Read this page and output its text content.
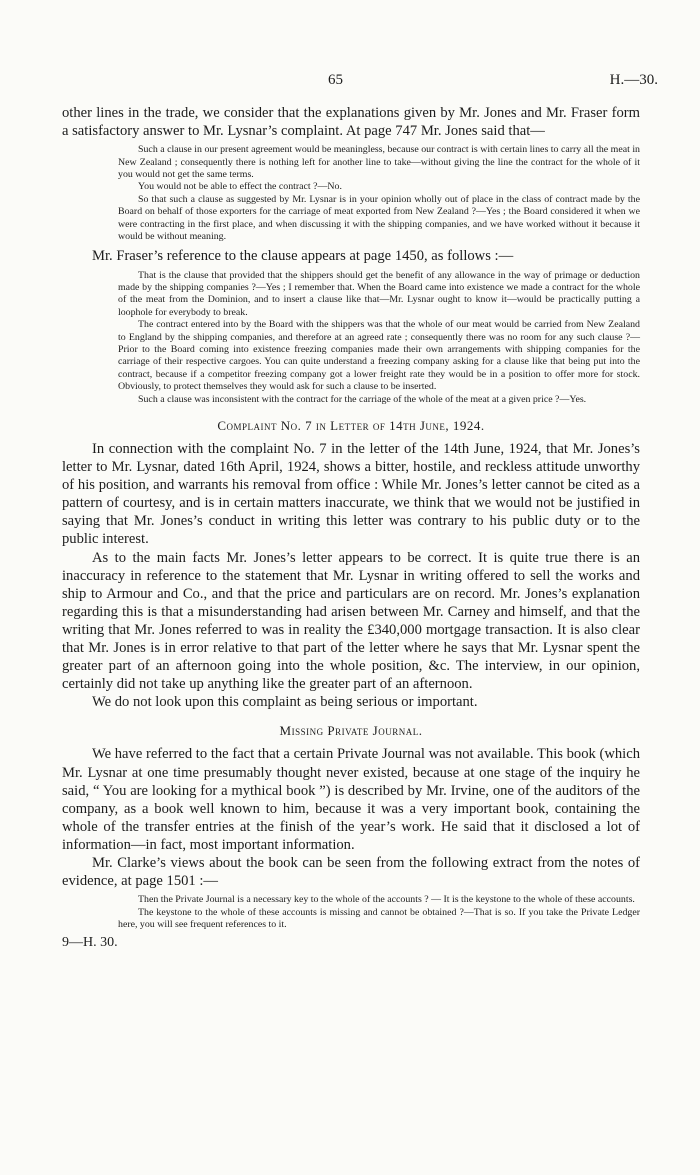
65	H.—30.

other lines in the trade, we consider that the explanations given by Mr. Jones and Mr. Fraser form a satisfactory answer to Mr. Lysnar’s complaint. At page 747 Mr. Jones said that—

Such a clause in our present agreement would be meaningless, because our contract is with certain lines to carry all the meat in New Zealand ; consequently there is nothing left for another line to take—without giving the line the contract for the whole of it you would not get the same terms.

You would not be able to effect the contract ?—No.

So that such a clause as suggested by Mr. Lysnar is in your opinion wholly out of place in the class of contract made by the Board on behalf of those exporters for the carriage of meat exported from New Zealand ?—Yes ; the Board considered it when we were contracting in the first place, and when discussing it with the shipping companies, and we have worked without it because it would be without meaning.

Mr. Fraser’s reference to the clause appears at page 1450, as follows :—

That is the clause that provided that the shippers should get the benefit of any allowance in the way of primage or deduction made by the shipping companies ?—Yes ; I remember that. When the Board came into existence we made a contract for the whole of the meat from the Dominion, and to insert a clause like that—Mr. Lysnar ought to know it—would be practically putting a loophole for everybody to break.

The contract entered into by the Board with the shippers was that the whole of our meat would be carried from New Zealand to England by the shipping companies, and therefore at an agreed rate ; consequently there was no room for any such clause ?—Prior to the Board coming into existence freezing companies made their own arrangements with shipping companies for the carriage of their respective cargoes. You can quite understand a freezing company asking for a clause like that being put into the contract, because if a competitor freezing company got a lower freight rate they would be in a position to offer more for stock. Obviously, to protect themselves they would ask for such a clause to be inserted.

Such a clause was inconsistent with the contract for the carriage of the whole of the meat at a given price ?—Yes.

Complaint No. 7 in Letter of 14th June, 1924.

In connection with the complaint No. 7 in the letter of the 14th June, 1924, that Mr. Jones’s letter to Mr. Lysnar, dated 16th April, 1924, shows a bitter, hostile, and reckless attitude unworthy of his position, and warrants his removal from office : While Mr. Jones’s letter cannot be cited as a pattern of courtesy, and is in certain matters inaccurate, we think that we would not be justified in saying that Mr. Jones’s conduct in writing this letter was contrary to his public duty or to the public interest.

As to the main facts Mr. Jones’s letter appears to be correct. It is quite true there is an inaccuracy in reference to the statement that Mr. Lysnar in writing offered to sell the works and ship to Armour and Co., and that the price and particulars are on record. Mr. Jones’s explanation regarding this is that a misunderstanding had arisen between Mr. Carney and himself, and that the writing that Mr. Jones referred to was in reality the £340,000 mortgage transaction. It is also clear that Mr. Jones is in error relative to that part of the letter where he says that Mr. Lysnar spent the greater part of an afternoon going into the whole position, &c. The interview, in our opinion, certainly did not take up anything like the greater part of an afternoon.

We do not look upon this complaint as being serious or important.

Missing Private Journal.

We have referred to the fact that a certain Private Journal was not available. This book (which Mr. Lysnar at one time presumably thought never existed, because at one stage of the inquiry he said, “ You are looking for a mythical book ”) is described by Mr. Irvine, one of the auditors of the company, as a book well known to him, because it was a very important book, containing the whole of the transfer entries at the finish of the year’s work. He said that it disclosed a lot of information—in fact, most important information.

Mr. Clarke’s views about the book can be seen from the following extract from the notes of evidence, at page 1501 :—

Then the Private Journal is a necessary key to the whole of the accounts ? — It is the keystone to the whole of these accounts.

The keystone to the whole of these accounts is missing and cannot be obtained ?—That is so. If you take the Private Ledger here, you will see frequent references to it.

9—H. 30.
